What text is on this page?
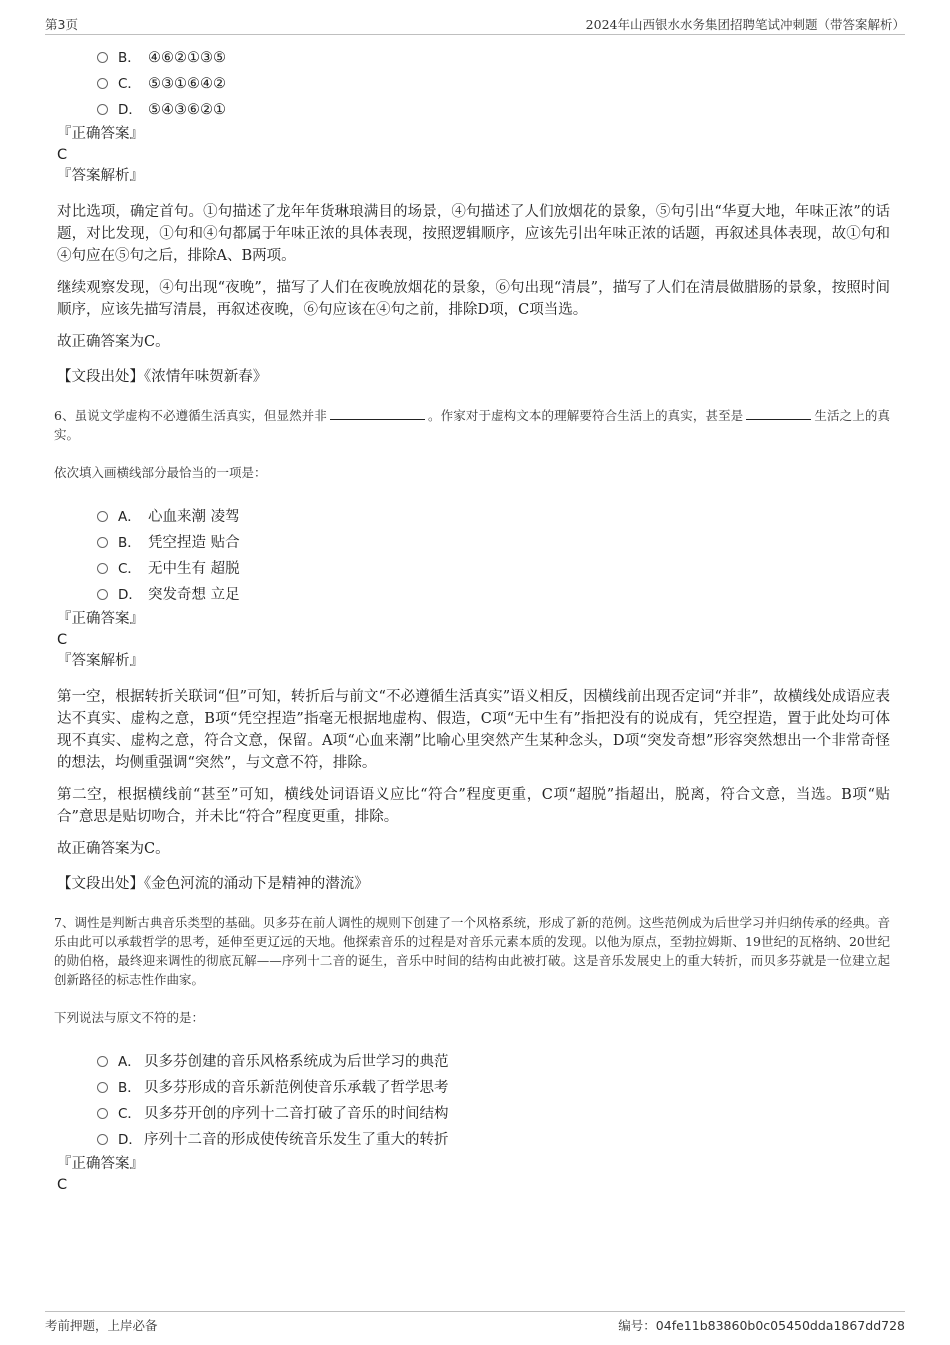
第3页	2024年山西银水水务集团招聘笔试冲刺题（带答案解析）
B． ④⑥②①③⑤
C． ⑤③①⑥④②
D． ⑤④③⑥②①
『正确答案』
C
『答案解析』
对比选项，确定首句。①句描述了龙年年货琳琅满目的场景，④句描述了人们放烟花的景象，⑤句引出“华夏大地，年味正浓”的话题，对比发现，①句和④句都属于年味正浓的具体表现，按照逻辑顺序，应该先引出年味正浓的话题，再叙述具体表现，故①句和④句应在⑤句之后，排除A、B两项。
继续观察发现，④句出现“夜晚”，描写了人们在夜晚放烟花的景象，⑥句出现“清晨”，描写了人们在清晨做腊肠的景象，按照时间顺序，应该先描写清晨，再叙述夜晚，⑥句应该在④句之前，排除D项，C项当选。
故正确答案为C。
【文段出处】《浓情年味贺新春》
6、虽说文学虚构不必遵循生活真实，但显然并非	。作家对于虚构文本的理解要符合生活上的真实，甚至是	生活之上的真实。
依次填入画横线部分最恰当的一项是：
A． 心血来潮 凌驾
B． 凭空捏造 贴合
C． 无中生有 超脱
D． 突发奇想 立足
『正确答案』
C
『答案解析』
第一空，根据转折关联词“但”可知，转折后与前文“不必遵循生活真实”语义相反，因横线前出现否定词“并非”，故横线处成语应表达不真实、虚构之意，B项“凭空捏造”指毫无根据地虚构、假造，C项“无中生有”指把没有的说成有，凭空捏造，置于此处均可体现不真实、虚构之意，符合文意，保留。A项“心血来潮”比喻心里突然产生某种念头，D项“突发奇想”形容突然想出一个非常奇怪的想法，均侧重强调“突然”，与文意不符，排除。
第二空，根据横线前“甚至”可知，横线处词语语义应比“符合”程度更重，C项“超脱”指超出，脱离，符合文意，当选。B项“贴合”意思是贴切吻合，并未比“符合”程度更重，排除。
故正确答案为C。
【文段出处】《金色河流的涌动下是精神的潜流》
7、调性是判断古典音乐类型的基础。贝多芬在前人调性的规则下创建了一个风格系统，形成了新的范例。这些范例成为后世学习并归纳传承的经典。音乐由此可以承载哲学的思考，延伸至更辽远的天地。他探索音乐的过程是对音乐元素本质的发现。以他为原点，至勃拉姆斯、19世纪的瓦格纳、20世纪的勋伯格，最终迎来调性的彻底瓦解——序列十二音的诞生，音乐中时间的结构由此被打破。这是音乐发展史上的重大转折，而贝多芬就是一位建立起创新路径的标志性作曲家。
下列说法与原文不符的是：
A． 贝多芬创建的音乐风格系统成为后世学习的典范
B． 贝多芬形成的音乐新范例使音乐承载了哲学思考
C． 贝多芬开创的序列十二音打破了音乐的时间结构
D． 序列十二音的形成使传统音乐发生了重大的转折
『正确答案』
C
考前押题，上岸必备	编号：04fe11b83860b0c05450dda1867dd728
